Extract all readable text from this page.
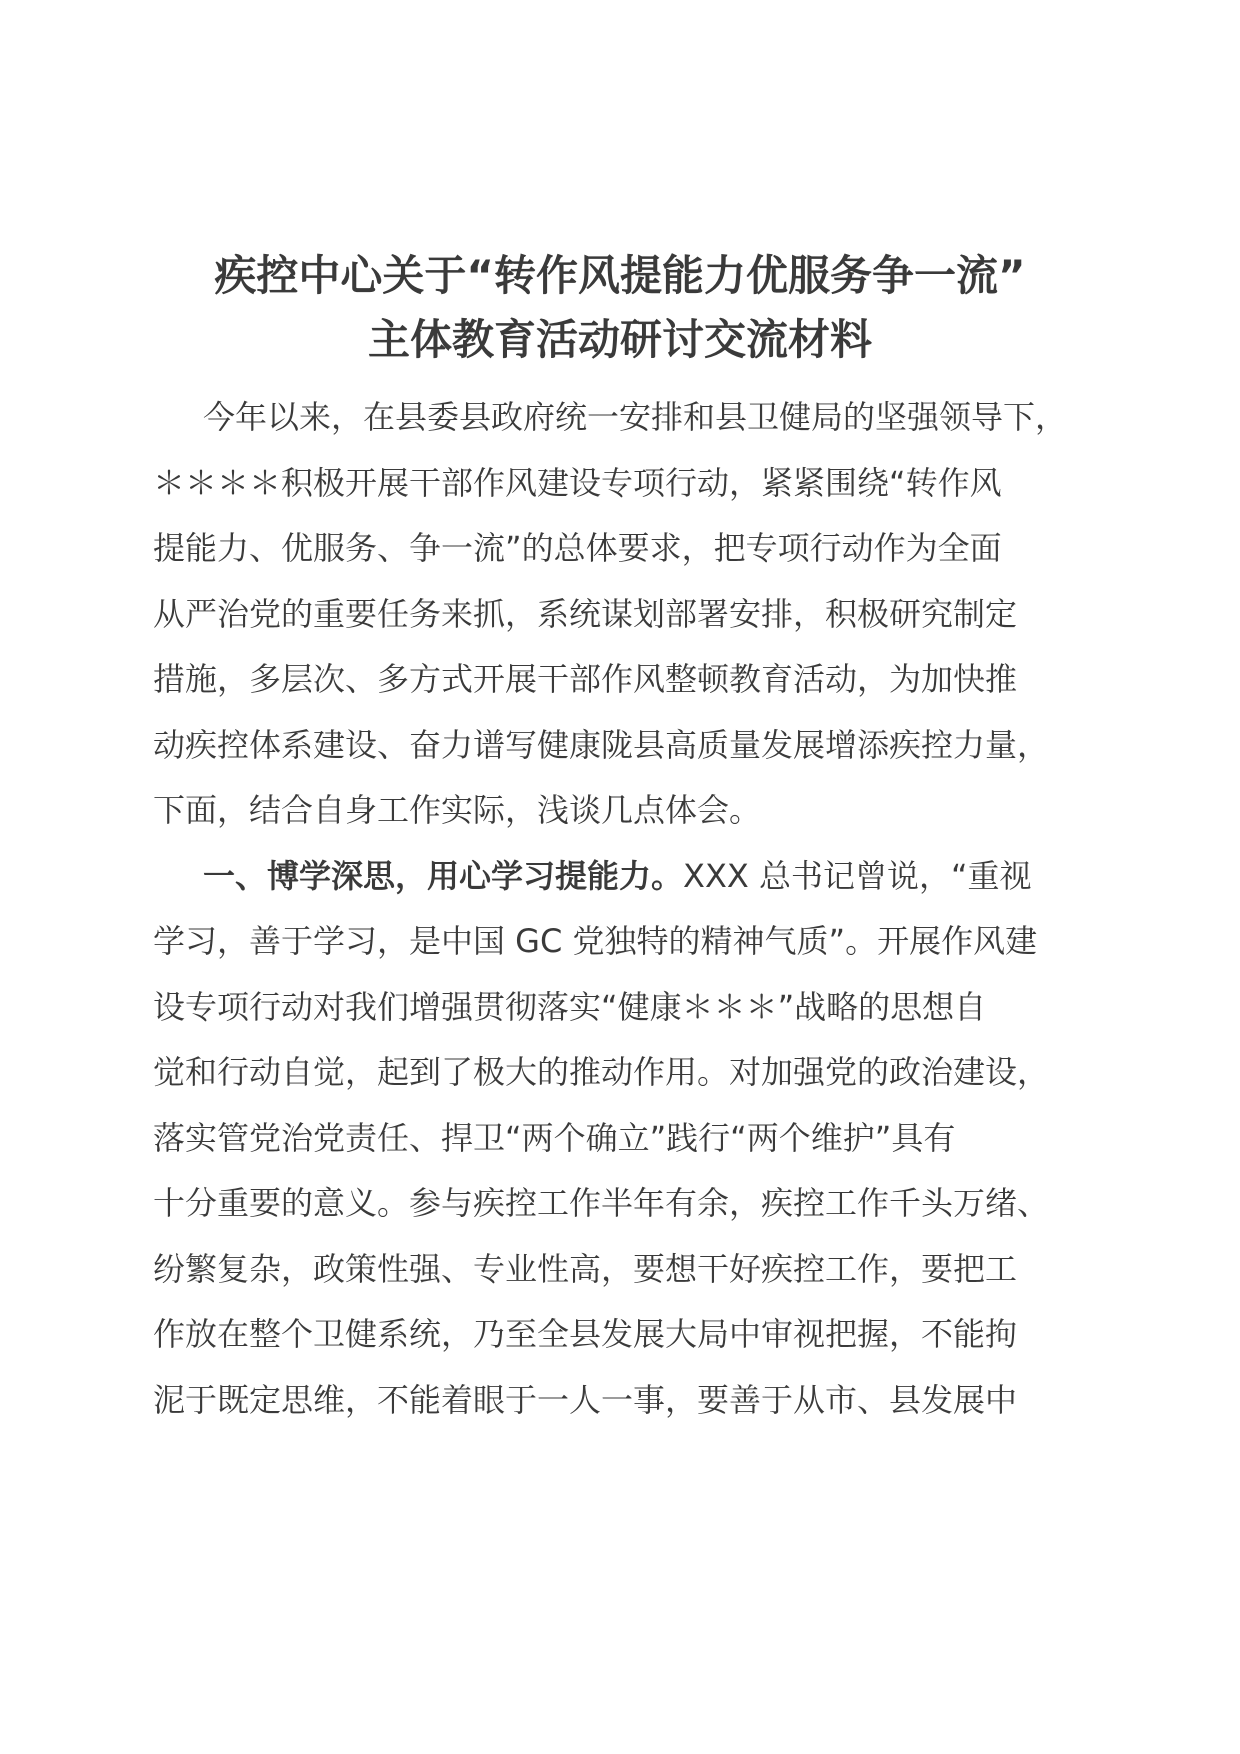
疾控中心关于“转作风提能力优服务争一流”
主体教育活动研讨交流材料

今年以来，在县委县政府统一安排和县卫健局的坚强领导下，
＊＊＊＊积极开展干部作风建设专项行动，紧紧围绕“转作风
提能力、优服务、争一流”的总体要求，把专项行动作为全面
从严治党的重要任务来抓，系统谋划部署安排，积极研究制定
措施，多层次、多方式开展干部作风整顿教育活动，为加快推
动疾控体系建设、奋力谱写健康陇县高质量发展增添疾控力量，
下面，结合自身工作实际，浅谈几点体会。

一、博学深思，用心学习提能力。XXX 总书记曾说，“重视
学习，善于学习，是中国 GC 党独特的精神气质”。开展作风建
设专项行动对我们增强贯彻落实“健康＊＊＊”战略的思想自
觉和行动自觉，起到了极大的推动作用。对加强党的政治建设，
落实管党治党责任、捍卫“两个确立”践行“两个维护”具有
十分重要的意义。参与疾控工作半年有余，疾控工作千头万绪、
纷繁复杂，政策性强、专业性高，要想干好疾控工作，要把工
作放在整个卫健系统，乃至全县发展大局中审视把握，不能拘
泥于既定思维，不能着眼于一人一事，要善于从市、县发展中
